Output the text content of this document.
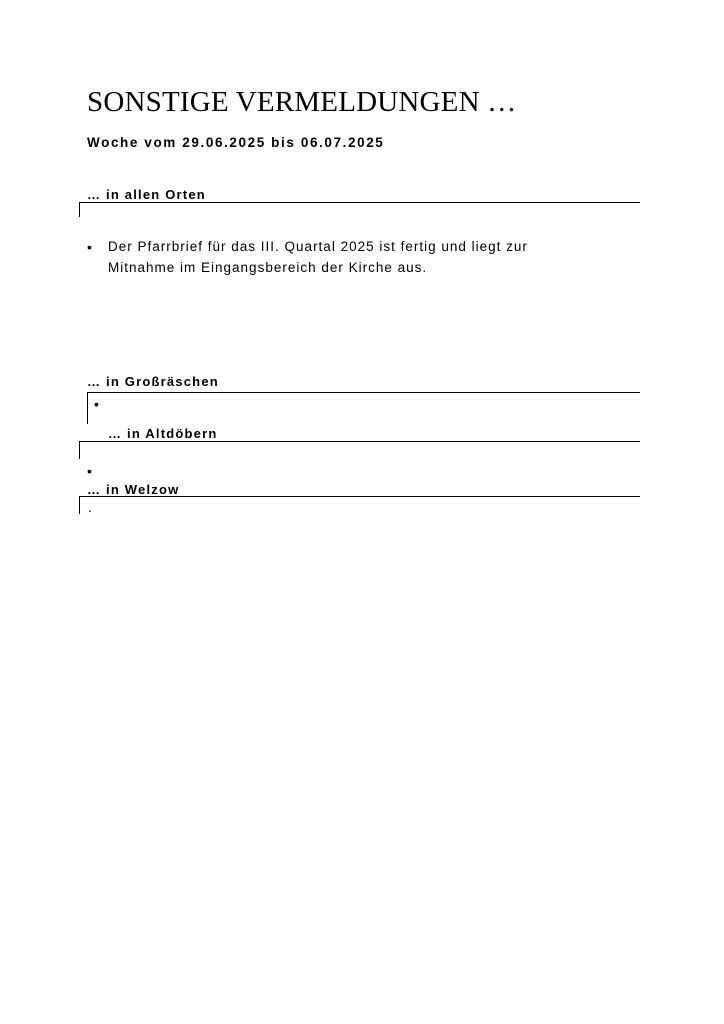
SONSTIGE VERMELDUNGEN …
Woche vom 29.06.2025 bis 06.07.2025
… in allen Orten
• Der Pfarrbrief für das III. Quartal 2025 ist fertig und liegt zur
Mitnahme im Eingangsbereich der Kirche aus.
… in Großräschen
•
… in Altdöbern
•
… in Welzow
.
